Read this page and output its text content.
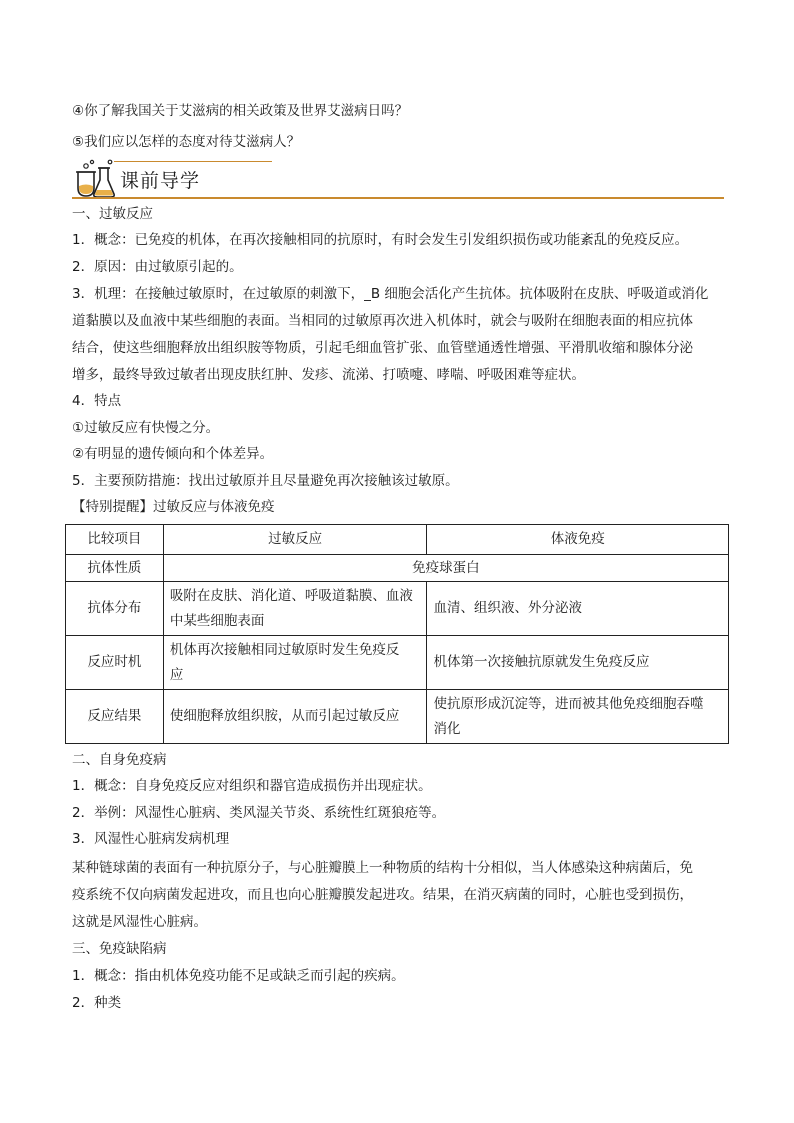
④你了解我国关于艾滋病的相关政策及世界艾滋病日吗？
⑤我们应以怎样的态度对待艾滋病人？
课前导学
一、过敏反应
1．概念：已免疫的机体，在再次接触相同的抗原时，有时会发生引发组织损伤或功能紊乱的免疫反应。
2．原因：由过敏原引起的。
3．机理：在接触过敏原时，在过敏原的刺激下，_B 细胞会活化产生抗体。抗体吸附在皮肤、呼吸道或消化
道黏膜以及血液中某些细胞的表面。当相同的过敏原再次进入机体时，就会与吸附在细胞表面的相应抗体
结合，使这些细胞释放出组织胺等物质，引起毛细血管扩张、血管壁通透性增强、平滑肌收缩和腺体分泌
增多，最终导致过敏者出现皮肤红肿、发疹、流涕、打喷嚏、哮喘、呼吸困难等症状。
4．特点
①过敏反应有快慢之分。
②有明显的遗传倾向和个体差异。
5．主要预防措施：找出过敏原并且尽量避免再次接触该过敏原。
【特别提醒】过敏反应与体液免疫
比较项目	过敏反应	体液免疫
抗体性质	免疫球蛋白	
抗体分布	吸附在皮肤、消化道、呼吸道黏膜、血液
中某些细胞表面	血清、组织液、外分泌液
反应时机	机体再次接触相同过敏原时发生免疫反
应	机体第一次接触抗原就发生免疫反应
反应结果	使细胞释放组织胺，从而引起过敏反应	使抗原形成沉淀等，进而被其他免疫细胞吞噬
消化
二、自身免疫病
1．概念：自身免疫反应对组织和器官造成损伤并出现症状。
2．举例：风湿性心脏病、类风湿关节炎、系统性红斑狼疮等。
3．风湿性心脏病发病机理
某种链球菌的表面有一种抗原分子，与心脏瓣膜上一种物质的结构十分相似，当人体感染这种病菌后，免
疫系统不仅向病菌发起进攻，而且也向心脏瓣膜发起进攻。结果，在消灭病菌的同时，心脏也受到损伤，
这就是风湿性心脏病。
三、免疫缺陷病
1．概念：指由机体免疫功能不足或缺乏而引起的疾病。
2．种类
